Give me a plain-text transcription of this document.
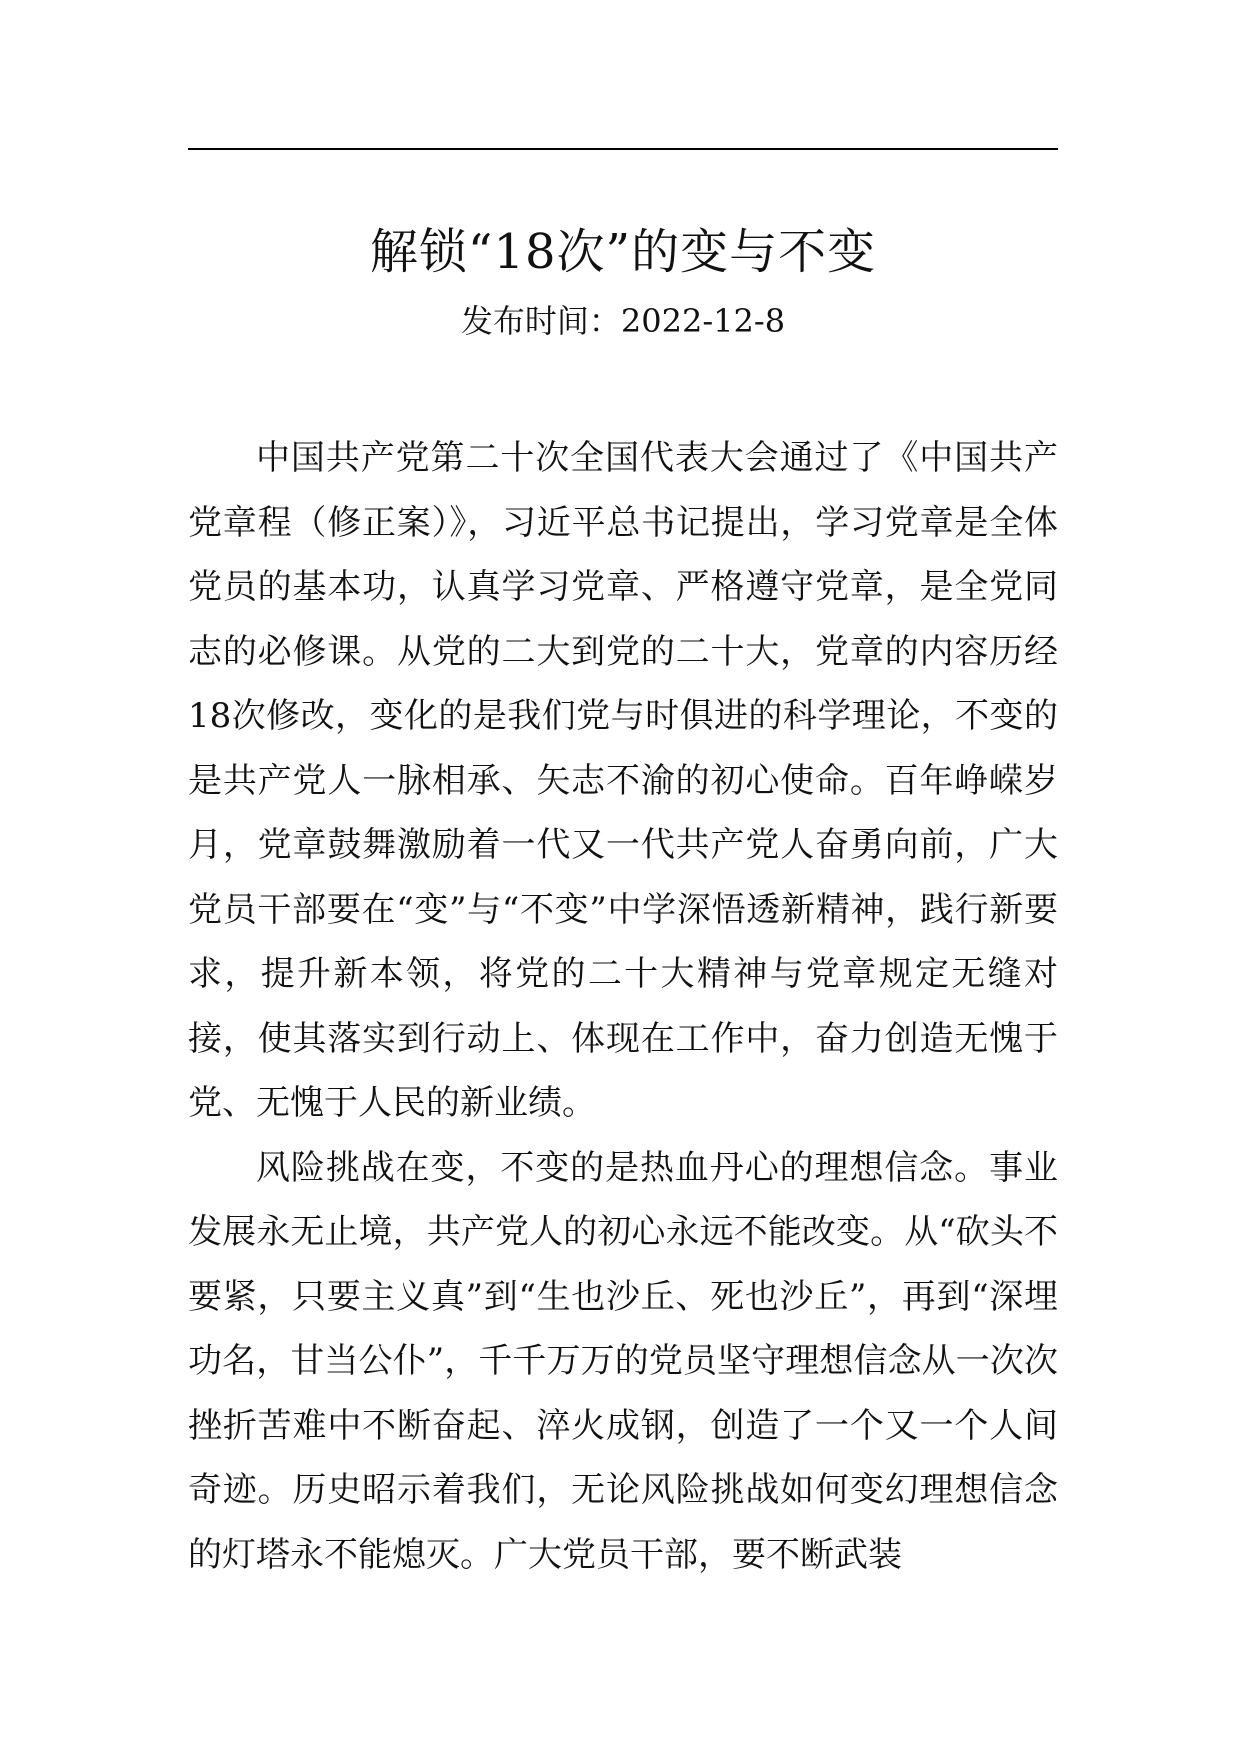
解锁“18次”的变与不变
发布时间：2022-12-8

中国共产党第二十次全国代表大会通过了《中国共产党章程（修正案）》，习近平总书记提出，学习党章是全体党员的基本功，认真学习党章、严格遵守党章，是全党同志的必修课。从党的二大到党的二十大，党章的内容历经18次修改，变化的是我们党与时俱进的科学理论，不变的是共产党人一脉相承、矢志不渝的初心使命。百年峥嵘岁月，党章鼓舞激励着一代又一代共产党人奋勇向前，广大党员干部要在“变”与“不变”中学深悟透新精神，践行新要求，提升新本领，将党的二十大精神与党章规定无缝对接，使其落实到行动上、体现在工作中，奋力创造无愧于党、无愧于人民的新业绩。

风险挑战在变，不变的是热血丹心的理想信念。事业发展永无止境，共产党人的初心永远不能改变。从“砍头不要紧，只要主义真”到“生也沙丘、死也沙丘”，再到“深埋功名，甘当公仆”，千千万万的党员坚守理想信念从一次次挫折苦难中不断奋起、淬火成钢，创造了一个又一个人间奇迹。历史昭示着我们，无论风险挑战如何变幻理想信念的灯塔永不能熄灭。广大党员干部，要不断武装
